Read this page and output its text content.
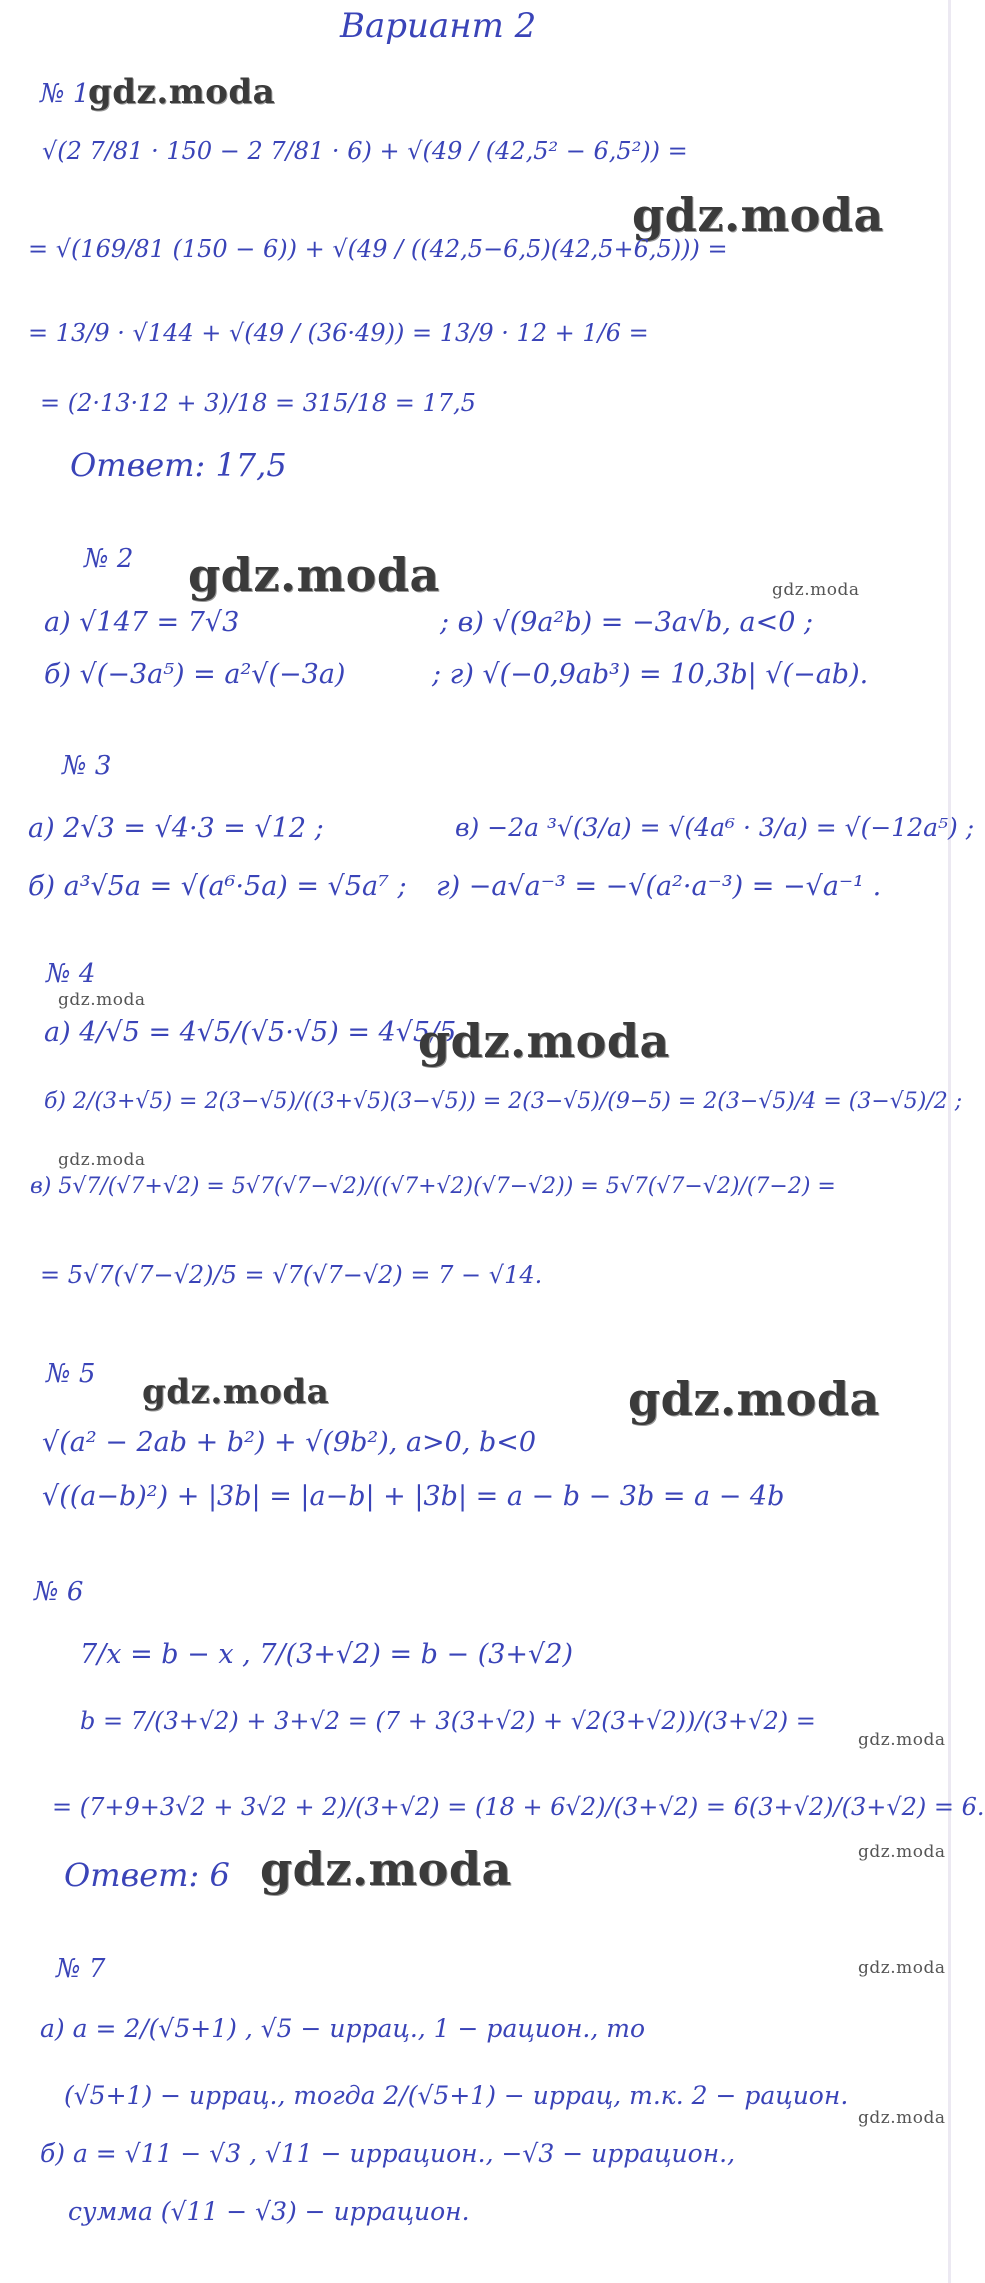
Вариант 2
№ 1
gdz.moda
√(2 7/81 · 150 − 2 7/81 · 6) + √(49 / (42,5² − 6,5²)) =
gdz.moda
= √(169/81 (150 − 6)) + √(49 / ((42,5−6,5)(42,5+6,5))) =
= 13/9 · √144 + √(49 / (36·49)) = 13/9 · 12 + 1/6 =
= (2·13·12 + 3)/18 = 315/18 = 17,5
Ответ: 17,5
№ 2 gdz.moda	gdz.moda
а) √147 = 7√3	; в) √(9a²b) = −3a√b, a<0 ;
б) √(−3a⁵) = a²√(−3a)	; г) √(−0,9ab³) = 10,3b| √(−ab).
№ 3
а) 2√3 = √4·3 = √12 ;	в) −2a ³√(3/a) = √(4a⁶ · 3/a) = √(−12a⁵) ;
б) a³√5a = √(a⁶·5a) = √5a⁷ ; г) −a√a⁻³ = −√(a²·a⁻³) = −√a⁻¹ .
№ 4
gdz.moda
а) 4/√5 = 4√5/(√5·√5) = 4√5/5
gdz.moda
б) 2/(3+√5) = 2(3−√5)/((3+√5)(3−√5)) = 2(3−√5)/(9−5) = 2(3−√5)/4 = (3−√5)/2 ;
gdz.moda
в) 5√7/(√7+√2) = 5√7(√7−√2)/((√7+√2)(√7−√2)) = 5√7(√7−√2)/(7−2) =
= 5√7(√7−√2)/5 = √7(√7−√2) = 7 − √14.
№ 5 gdz.moda	gdz.moda
√(a² − 2ab + b²) + √(9b²), a>0, b<0
√((a−b)²) + |3b| = |a−b| + |3b| = a − b − 3b = a − 4b
№ 6
7/x = b − x , 7/(3+√2) = b − (3+√2)
b = 7/(3+√2) + 3+√2 = (7 + 3(3+√2) + √2(3+√2))/(3+√2) =
gdz.moda
= (7+9+3√2 + 3√2 + 2)/(3+√2) = (18 + 6√2)/(3+√2) = 6(3+√2)/(3+√2) = 6.
gdz.moda
Ответ: 6 gdz.moda
№ 7	gdz.moda
а) a = 2/(√5+1) , √5 − иррац., 1 − рацион., то
(√5+1) − иррац., тогда 2/(√5+1) − иррац, т.к. 2 − рацион.
gdz.moda
б) a = √11 − √3 , √11 − иррацион., −√3 − иррацион.,
сумма (√11 − √3) − иррацион.
